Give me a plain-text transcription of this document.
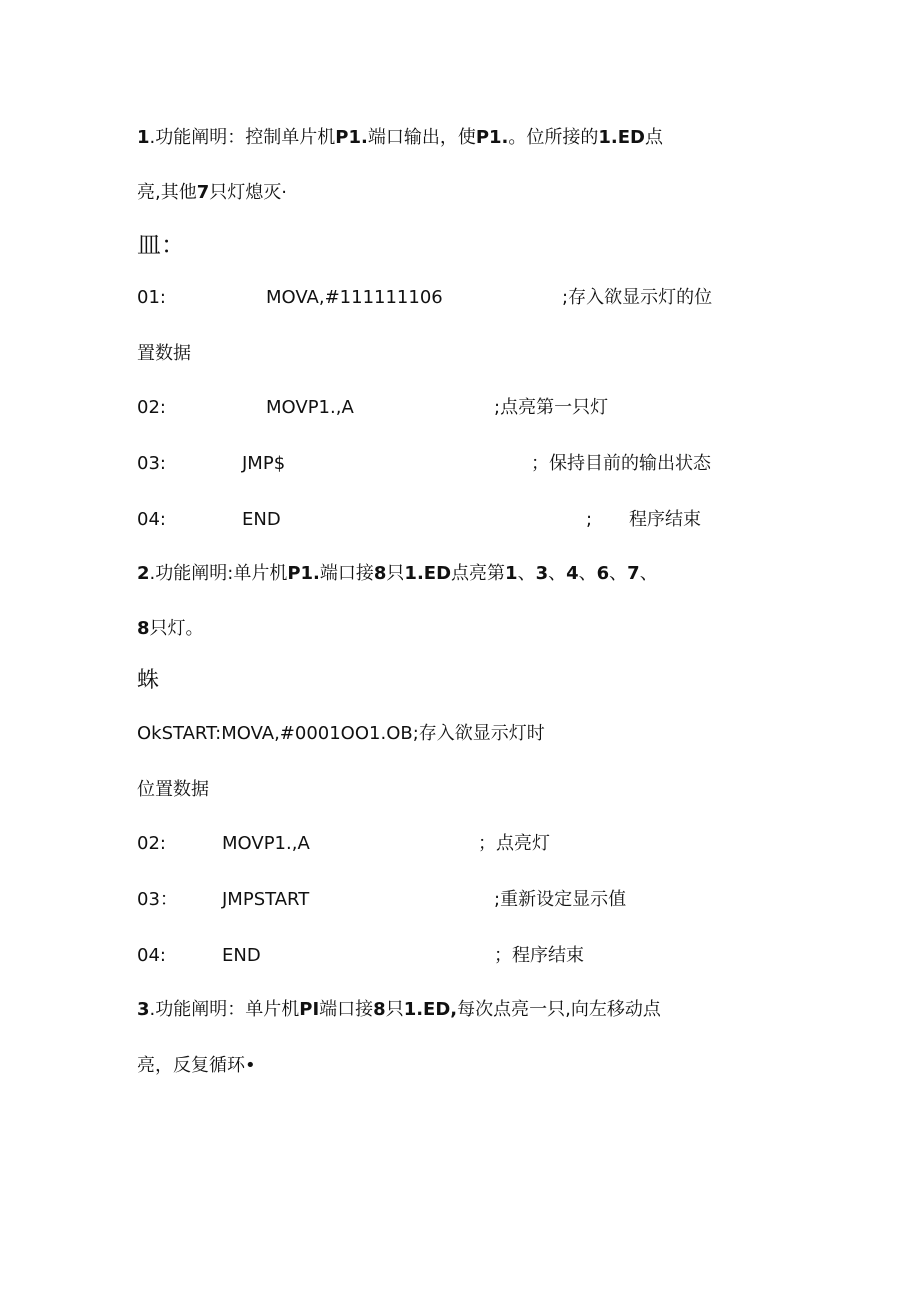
1.功能阐明：控制单片机P1.端口输出，使P1.。位所接的1.ED点
亮,其他7只灯熄灭·
皿：
01:	MOVA,#111111106	;存入欲显示灯的位
置数据
02:	MOVP1.,A	;点亮第一只灯
03:	JMP$	；保持目前的输出状态
04:	END	; 程序结束
2.功能阐明:单片机P1.端口接8只1.ED点亮第1、3、4、6、7、
8只灯。
蛛
OkSTART:MOVA,#0001OO1.OB;存入欲显示灯时
位置数据
02:	MOVP1.,A	；点亮灯
03： JMPSTART	;重新设定显示值
04:	END	；程序结束
3.功能阐明：单片机PI端口接8只1.ED,每次点亮一只,向左移动点
亮，反复循环•
